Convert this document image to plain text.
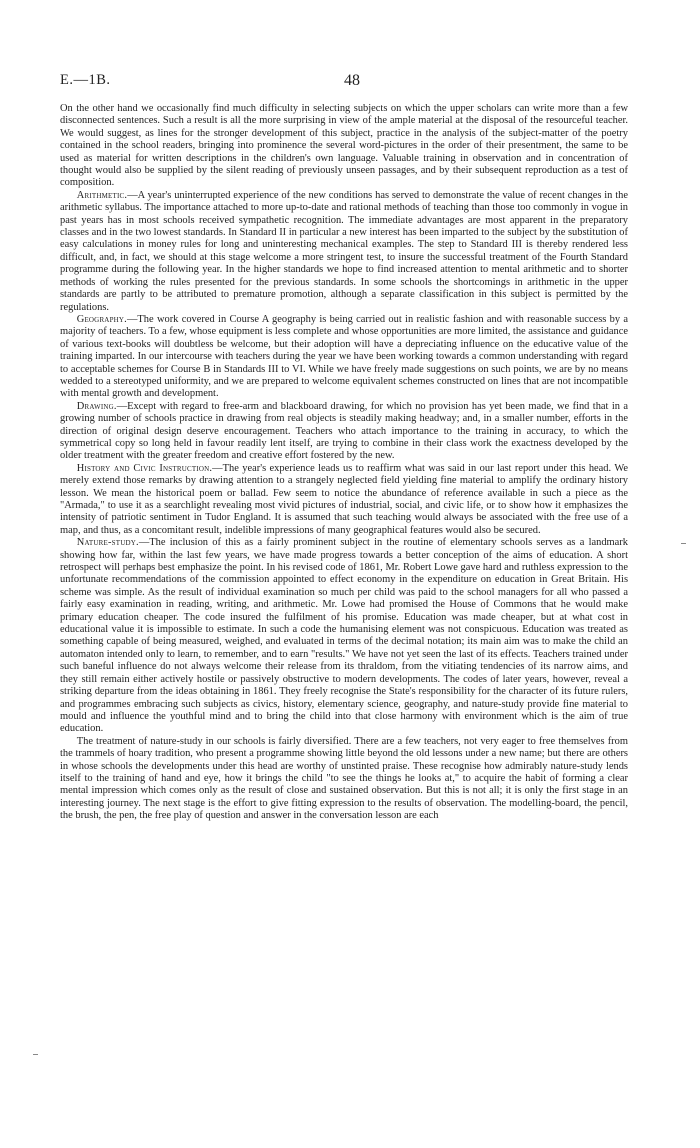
E.—1B.	48

On the other hand we occasionally find much difficulty in selecting subjects on which the upper scholars can write more than a few disconnected sentences. Such a result is all the more surprising in view of the ample material at the disposal of the resourceful teacher. We would suggest, as lines for the stronger development of this subject, practice in the analysis of the subject-matter of the poetry contained in the school readers, bringing into prominence the several word-pictures in the order of their presentment, the same to be used as material for written descriptions in the children's own language. Valuable training in observation and in concentration of thought would also be supplied by the silent reading of previously unseen passages, and by their subsequent reproduction as a test of composition.

Arithmetic.—A year's uninterrupted experience of the new conditions has served to demonstrate the value of recent changes in the arithmetic syllabus. The importance attached to more up-to-date and rational methods of teaching than those too commonly in vogue in past years has in most schools received sympathetic recognition. The immediate advantages are most apparent in the preparatory classes and in the two lowest standards. In Standard II in particular a new interest has been imparted to the subject by the substitution of easy calculations in money rules for long and uninteresting mechanical examples. The step to Standard III is thereby rendered less difficult, and, in fact, we should at this stage welcome a more stringent test, to insure the successful treatment of the Fourth Standard programme during the following year. In the higher standards we hope to find increased attention to mental arithmetic and to shorter methods of working the rules presented for the previous standards. In some schools the shortcomings in arithmetic in the upper standards are partly to be attributed to premature promotion, although a separate classification in this subject is permitted by the regulations.

Geography.—The work covered in Course A geography is being carried out in realistic fashion and with reasonable success by a majority of teachers. To a few, whose equipment is less complete and whose opportunities are more limited, the assistance and guidance of various text-books will doubtless be welcome, but their adoption will have a depreciating influence on the educative value of the training imparted. In our intercourse with teachers during the year we have been working towards a common understanding with regard to acceptable schemes for Course B in Standards III to VI. While we have freely made suggestions on such points, we are by no means wedded to a stereotyped uniformity, and we are prepared to welcome equivalent schemes constructed on lines that are not incompatible with mental growth and development.

Drawing.—Except with regard to free-arm and blackboard drawing, for which no provision has yet been made, we find that in a growing number of schools practice in drawing from real objects is steadily making headway; and, in a smaller number, efforts in the direction of original design deserve encouragement. Teachers who attach importance to the training in accuracy, to which the symmetrical copy so long held in favour readily lent itself, are trying to combine in their class work the exactness developed by the older treatment with the greater freedom and creative effort fostered by the new.

History and Civic Instruction.—The year's experience leads us to reaffirm what was said in our last report under this head. We merely extend those remarks by drawing attention to a strangely neglected field yielding fine material to amplify the ordinary history lesson. We mean the historical poem or ballad. Few seem to notice the abundance of reference available in such a piece as the "Armada," to use it as a searchlight revealing most vivid pictures of industrial, social, and civic life, or to show how it emphasizes the intensity of patriotic sentiment in Tudor England. It is assumed that such teaching would always be associated with the free use of a map, and thus, as a concomitant result, indelible impressions of many geographical features would also be secured.

Nature-study.—The inclusion of this as a fairly prominent subject in the routine of elementary schools serves as a landmark showing how far, within the last few years, we have made progress towards a better conception of the aims of education. A short retrospect will perhaps best emphasize the point. In his revised code of 1861, Mr. Robert Lowe gave hard and ruthless expression to the unfortunate recommendations of the commission appointed to effect economy in the expenditure on education in Great Britain. His scheme was simple. As the result of individual examination so much per child was paid to the school managers for all who passed a fairly easy examination in reading, writing, and arithmetic. Mr. Lowe had promised the House of Commons that he would make primary education cheaper. The code insured the fulfilment of his promise. Education was made cheaper, but at what cost in educational value it is impossible to estimate. In such a code the humanising element was not conspicuous. Education was treated as something capable of being measured, weighed, and evaluated in terms of the decimal notation; its main aim was to make the child an automaton intended only to learn, to remember, and to earn "results." We have not yet seen the last of its effects. Teachers trained under such baneful influence do not always welcome their release from its thraldom, from the vitiating tendencies of its narrow aims, and they still remain either actively hostile or passively obstructive to modern developments. The codes of later years, however, reveal a striking departure from the ideas obtaining in 1861. They freely recognise the State's responsibility for the character of its future rulers, and programmes embracing such subjects as civics, history, elementary science, geography, and nature-study provide fine material to mould and influence the youthful mind and to bring the child into that close harmony with environment which is the aim of true education.

The treatment of nature-study in our schools is fairly diversified. There are a few teachers, not very eager to free themselves from the trammels of hoary tradition, who present a programme showing little beyond the old lessons under a new name; but there are others in whose schools the developments under this head are worthy of unstinted praise. These recognise how admirably nature-study lends itself to the training of hand and eye, how it brings the child "to see the things he looks at," to acquire the habit of forming a clear mental impression which comes only as the result of close and sustained observation. But this is not all; it is only the first stage in an interesting journey. The next stage is the effort to give fitting expression to the results of observation. The modelling-board, the pencil, the brush, the pen, the free play of question and answer in the conversation lesson are each
